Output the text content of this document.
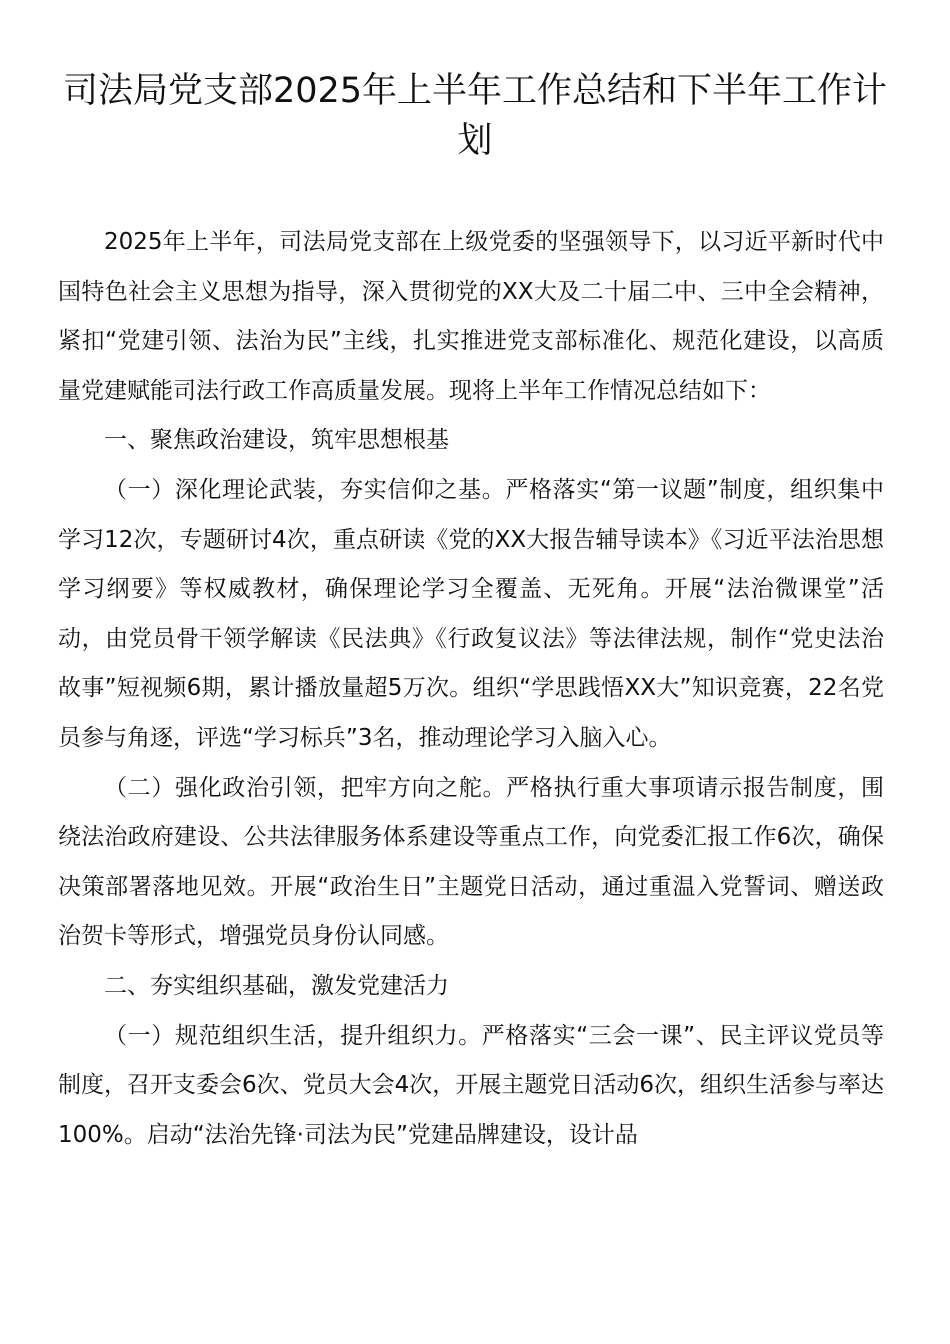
司法局党支部2025年上半年工作总结和下半年工作计划

2025年上半年，司法局党支部在上级党委的坚强领导下，以习近平新时代中国特色社会主义思想为指导，深入贯彻党的XX大及二十届二中、三中全会精神，紧扣“党建引领、法治为民”主线，扎实推进党支部标准化、规范化建设，以高质量党建赋能司法行政工作高质量发展。现将上半年工作情况总结如下：

一、聚焦政治建设，筑牢思想根基

（一）深化理论武装，夯实信仰之基。严格落实“第一议题”制度，组织集中学习12次，专题研讨4次，重点研读《党的XX大报告辅导读本》《习近平法治思想学习纲要》等权威教材，确保理论学习全覆盖、无死角。开展“法治微课堂”活动，由党员骨干领学解读《民法典》《行政复议法》等法律法规，制作“党史法治故事”短视频6期，累计播放量超5万次。组织“学思践悟XX大”知识竞赛，22名党员参与角逐，评选“学习标兵”3名，推动理论学习入脑入心。

（二）强化政治引领，把牢方向之舵。严格执行重大事项请示报告制度，围绕法治政府建设、公共法律服务体系建设等重点工作，向党委汇报工作6次，确保决策部署落地见效。开展“政治生日”主题党日活动，通过重温入党誓词、赠送政治贺卡等形式，增强党员身份认同感。

二、夯实组织基础，激发党建活力

（一）规范组织生活，提升组织力。严格落实“三会一课”、民主评议党员等制度，召开支委会6次、党员大会4次，开展主题党日活动6次，组织生活参与率达100%。启动“法治先锋·司法为民”党建品牌建设，设计品
